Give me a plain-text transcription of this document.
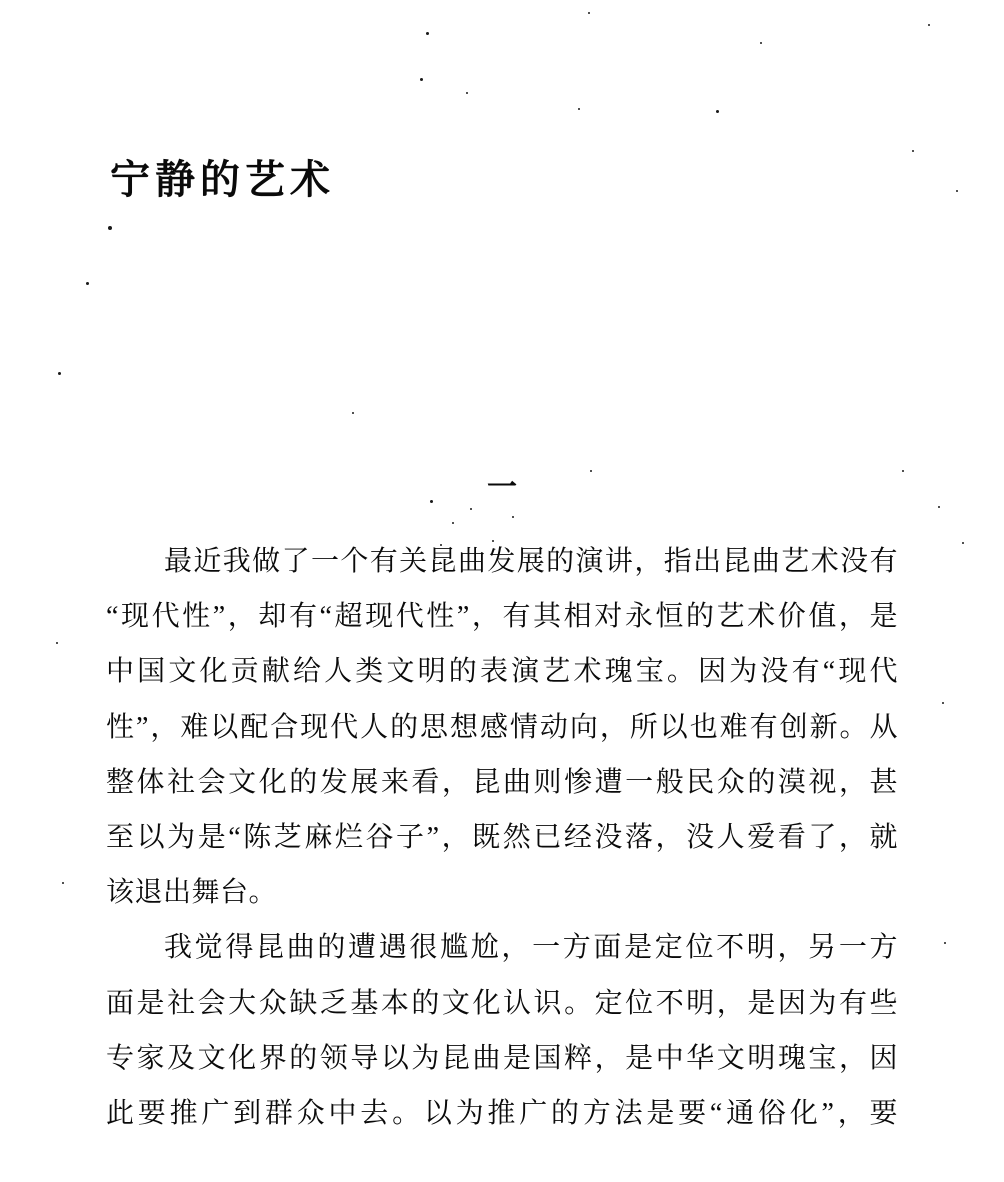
宁静的艺术
一
最近我做了一个有关昆曲发展的演讲，指出昆曲艺术没有
“现代性”，却有“超现代性”，有其相对永恒的艺术价值，是
中国文化贡献给人类文明的表演艺术瑰宝。因为没有“现代
性”，难以配合现代人的思想感情动向，所以也难有创新。从
整体社会文化的发展来看，昆曲则惨遭一般民众的漠视，甚
至以为是“陈芝麻烂谷子”，既然已经没落，没人爱看了，就
该退出舞台。
我觉得昆曲的遭遇很尴尬，一方面是定位不明，另一方
面是社会大众缺乏基本的文化认识。定位不明，是因为有些
专家及文化界的领导以为昆曲是国粹，是中华文明瑰宝，因
此要推广到群众中去。以为推广的方法是要“通俗化”，要
